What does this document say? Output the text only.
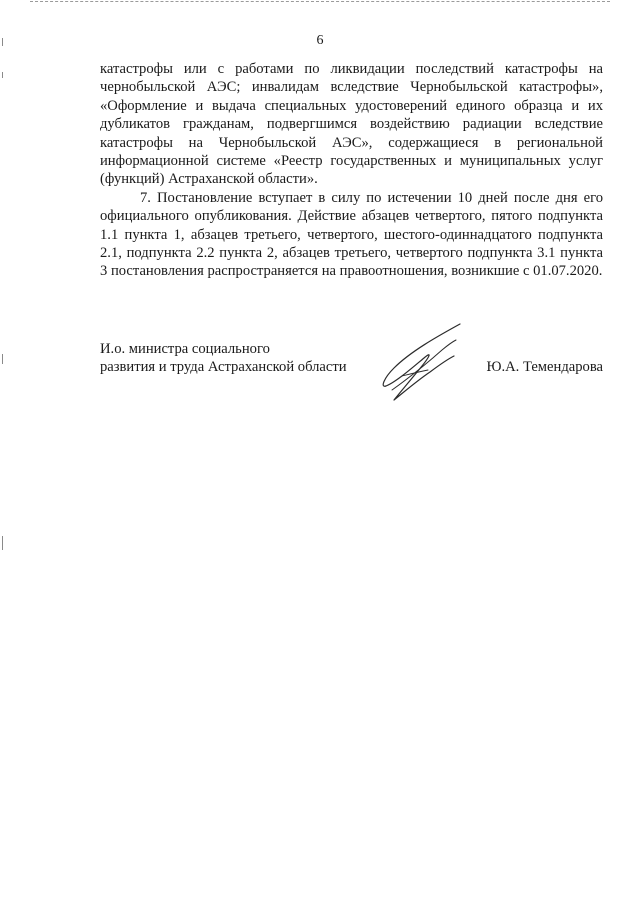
6

катастрофы или с работами по ликвидации последствий катастрофы на чернобыльской АЭС; инвалидам вследствие Чернобыльской катастрофы», «Оформление и выдача специальных удостоверений единого образца и их дубликатов гражданам, подвергшимся воздействию радиации вследствие катастрофы на Чернобыльской АЭС», содержащиеся в региональной информационной системе «Реестр государственных и муниципальных услуг (функций) Астраханской области».

7. Постановление вступает в силу по истечении 10 дней после дня его официального опубликования. Действие абзацев четвертого, пятого подпункта 1.1 пункта 1, абзацев третьего, четвертого, шестого-одиннадцатого подпункта 2.1, подпункта 2.2 пункта 2, абзацев третьего, четвертого подпункта 3.1 пункта 3 постановления распространяется на правоотношения, возникшие с 01.07.2020.

И.о. министра социального
развития и труда Астраханской области	Ю.А. Темендарова
